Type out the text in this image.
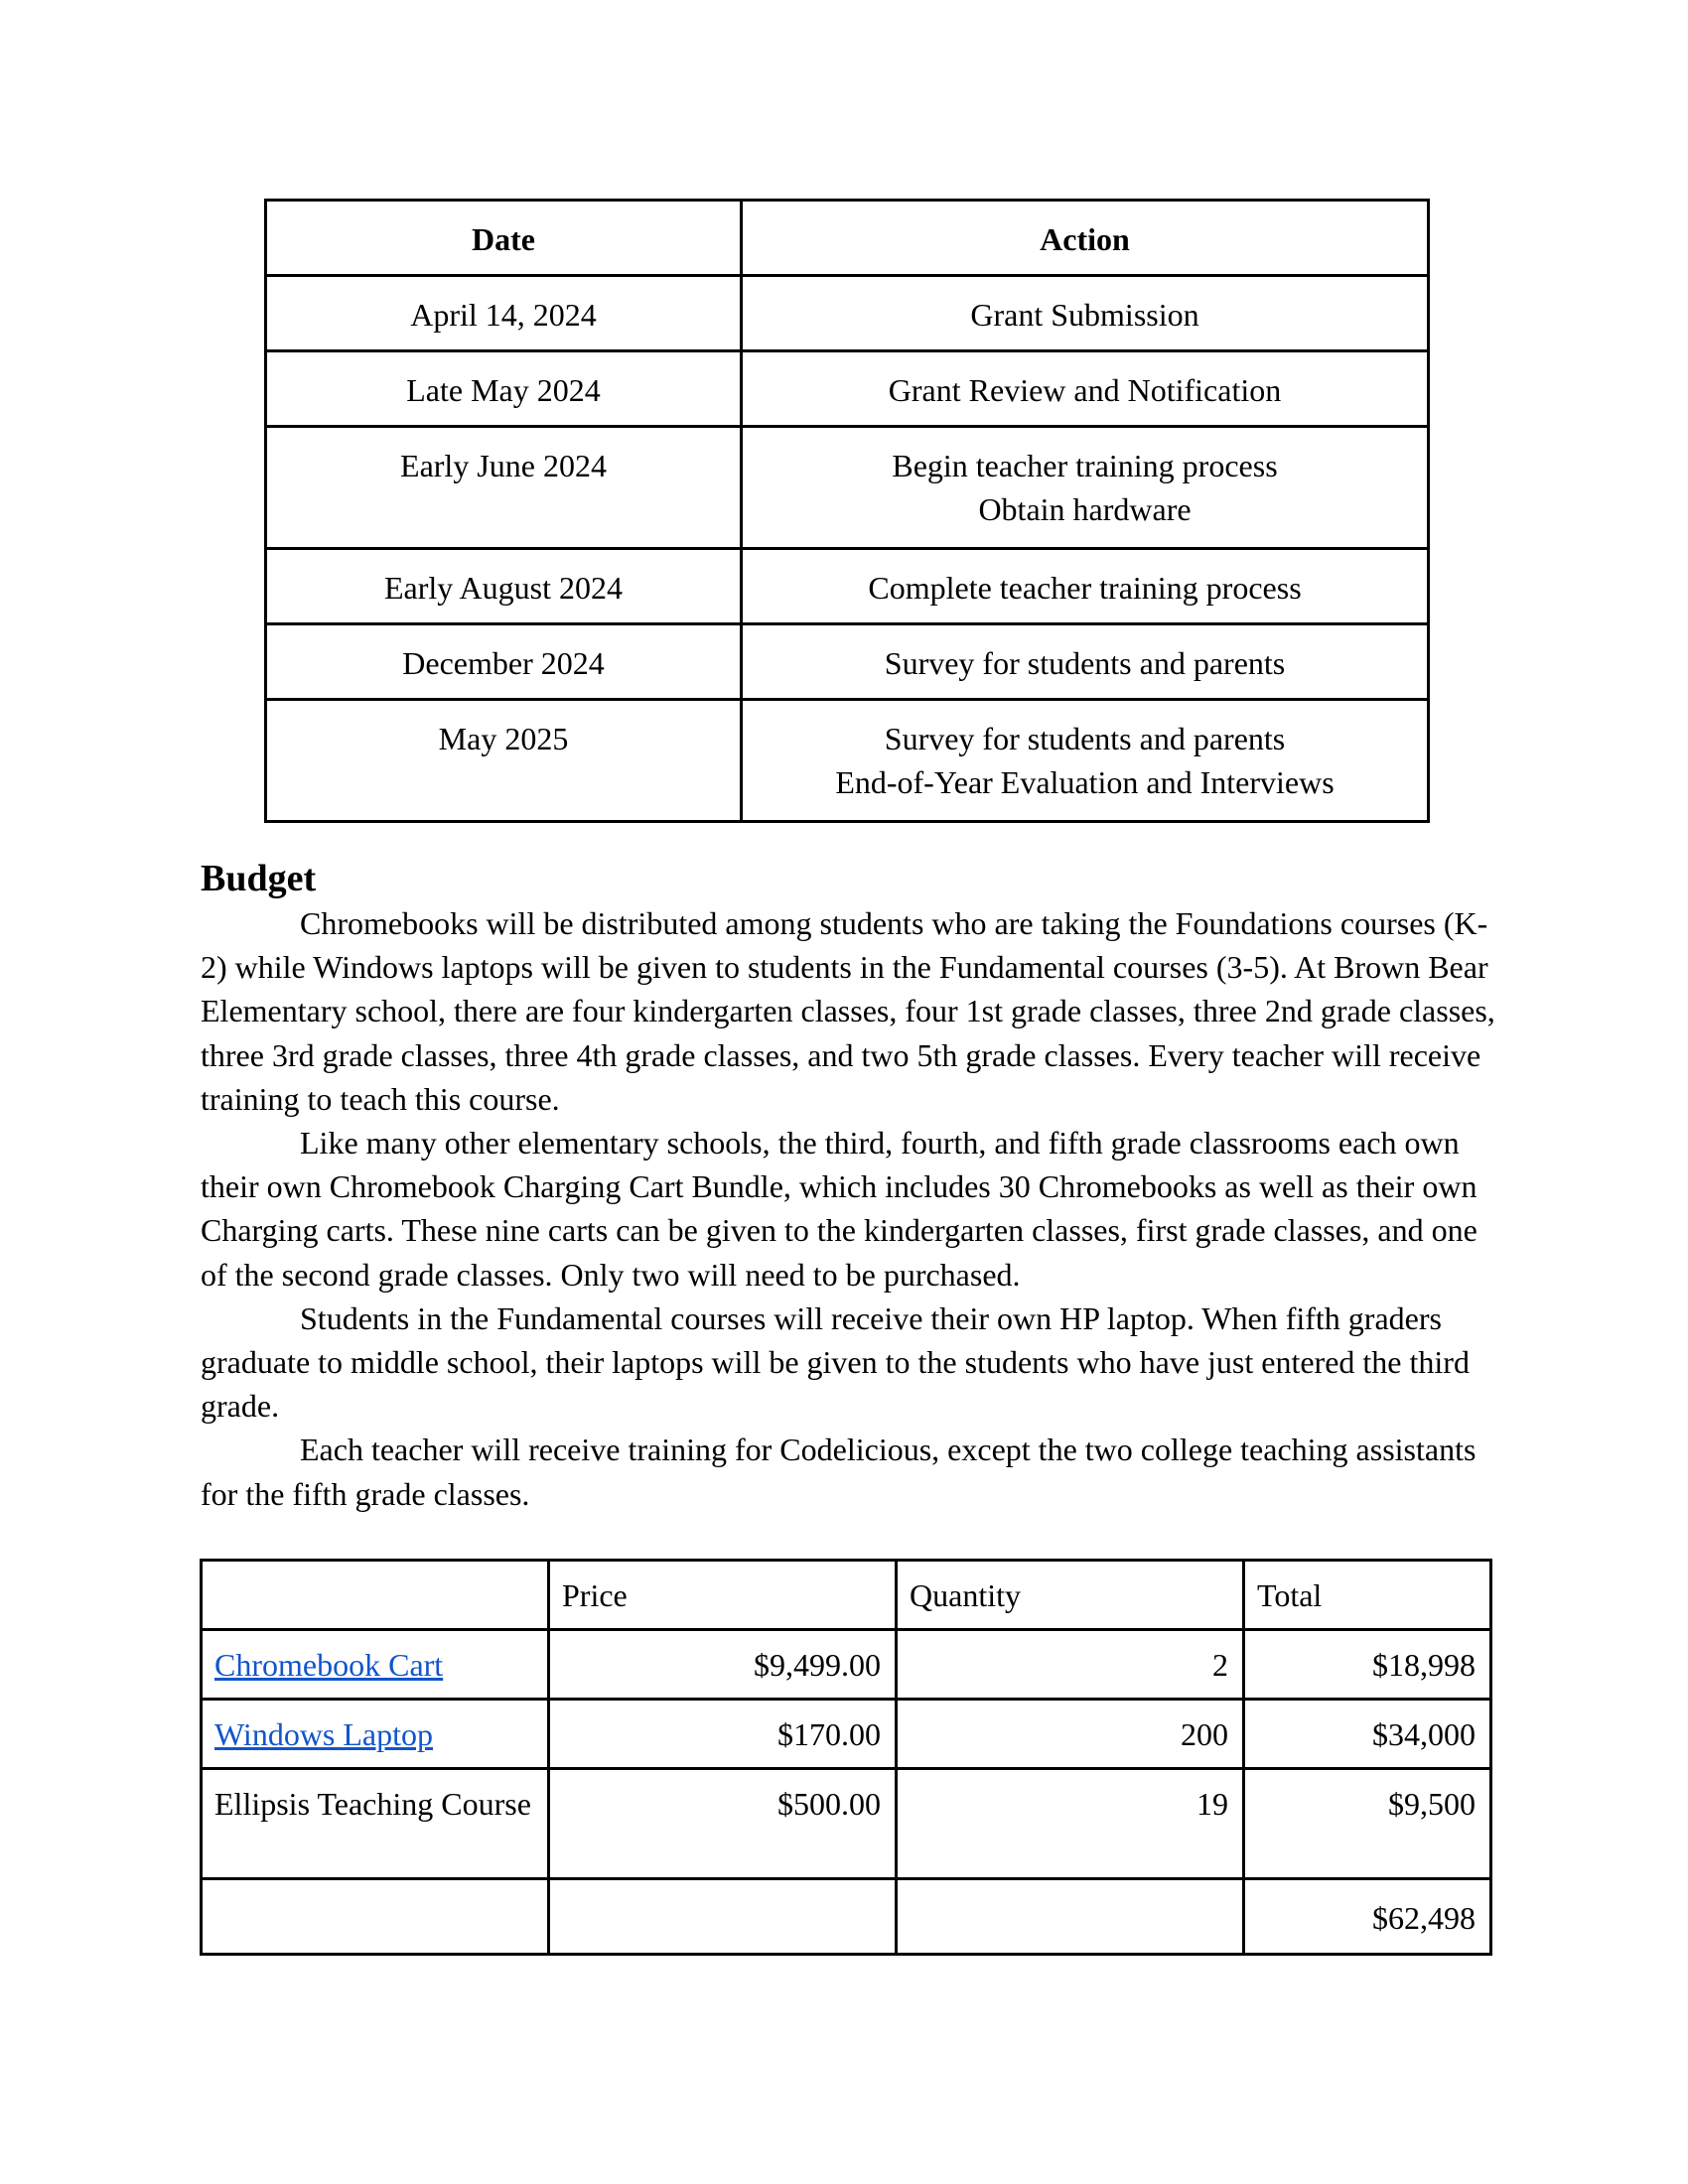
Date	Action
April 14, 2024	Grant Submission
Late May 2024	Grant Review and Notification
Early June 2024	Begin teacher training process
Obtain hardware
Early August 2024	Complete teacher training process
December 2024	Survey for students and parents
May 2025	Survey for students and parents
End-of-Year Evaluation and Interviews
Budget

Chromebooks will be distributed among students who are taking the Foundations courses (K-2) while Windows laptops will be given to students in the Fundamental courses (3-5). At Brown Bear Elementary school, there are four kindergarten classes, four 1st grade classes, three 2nd grade classes, three 3rd grade classes, three 4th grade classes, and two 5th grade classes. Every teacher will receive training to teach this course.

Like many other elementary schools, the third, fourth, and fifth grade classrooms each own their own Chromebook Charging Cart Bundle, which includes 30 Chromebooks as well as their own Charging carts. These nine carts can be given to the kindergarten classes, first grade classes, and one of the second grade classes. Only two will need to be purchased.

Students in the Fundamental courses will receive their own HP laptop. When fifth graders graduate to middle school, their laptops will be given to the students who have just entered the third grade.

Each teacher will receive training for Codelicious, except the two college teaching assistants for the fifth grade classes.

	Price	Quantity	Total
Chromebook Cart	$9,499.00	2	$18,998
Windows Laptop	$170.00	200	$34,000
Ellipsis Teaching Course	$500.00	19	$9,500
			$62,498
